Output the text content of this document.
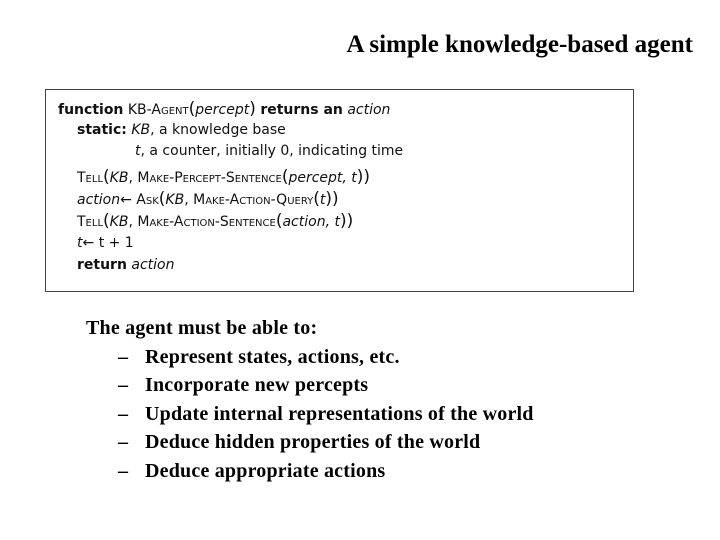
A simple knowledge-based agent
function KB-Agent(percept) returns an action
static: KB, a knowledge base
t, a counter, initially 0, indicating time
Tell(KB, Make-Percept-Sentence(percept, t))
action← Ask(KB, Make-Action-Query(t))
Tell(KB, Make-Action-Sentence(action, t))
t← t + 1
return action
The agent must be able to:
– Represent states, actions, etc.
– Incorporate new percepts
– Update internal representations of the world
– Deduce hidden properties of the world
– Deduce appropriate actions
